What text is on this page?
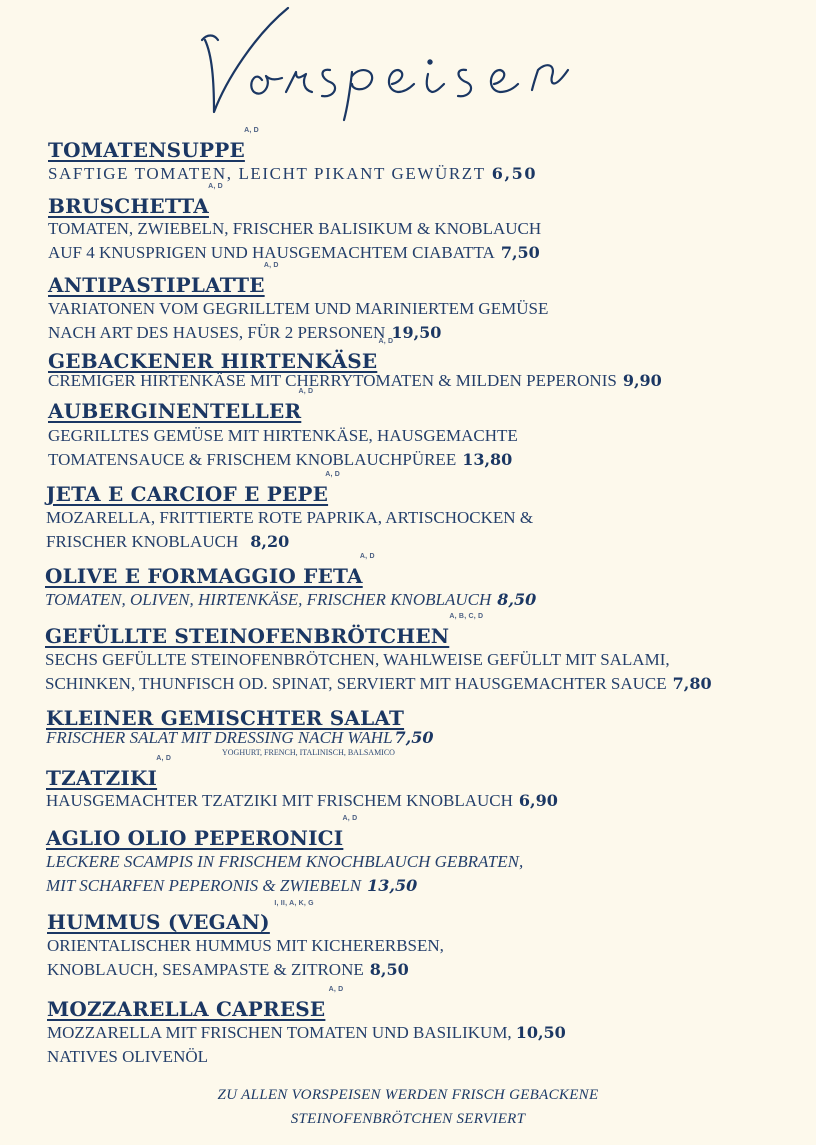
TOMATENSUPPE
A, D
SAFTIGE TOMATEN, LEICHT PIKANT GEWÜRZT 6,50
BRUSCHETTA
A, D
TOMATEN, ZWIEBELN, FRISCHER BALISIKUM & KNOBLAUCH
AUF 4 KNUSPRIGEN UND HAUSGEMACHTEM CIABATTA 7,50
ANTIPASTIPLATTE
A, D
VARIATONEN VOM GEGRILLTEM UND MARINIERTEM GEMÜSE
NACH ART DES HAUSES, FÜR 2 PERSONEN 19,50
GEBACKENER HIRTENKÄSE
A, D
CREMIGER HIRTENKÄSE MIT CHERRYTOMATEN & MILDEN PEPERONIS 9,90
AUBERGINENTELLER
A, D
GEGRILLTES GEMÜSE MIT HIRTENKÄSE, HAUSGEMACHTE
TOMATENSAUCE & FRISCHEM KNOBLAUCHPÜREE 13,80
JETA E CARCIOF E PEPE
A, D
MOZARELLA, FRITTIERTE ROTE PAPRIKA, ARTISCHOCKEN &
FRISCHER KNOBLAUCH 8,20
OLIVE E FORMAGGIO FETA
A, D
TOMATEN, OLIVEN, HIRTENKÄSE, FRISCHER KNOBLAUCH 8,50
GEFÜLLTE STEINOFENBRÖTCHEN
A, B, C, D
SECHS GEFÜLLTE STEINOFENBRÖTCHEN, WAHLWEISE GEFÜLLT MIT SALAMI,
SCHINKEN, THUNFISCH OD. SPINAT, SERVIERT MIT HAUSGEMACHTER SAUCE 7,80
KLEINER GEMISCHTER SALAT
FRISCHER SALAT MIT DRESSING NACH WAHL 7,50
YOGHURT, FRENCH, ITALINISCH, BALSAMICO
TZATZIKI
A, D
HAUSGEMACHTER TZATZIKI MIT FRISCHEM KNOBLAUCH 6,90
AGLIO OLIO PEPERONICI
A, D
LECKERE SCAMPIS IN FRISCHEM KNOCHBLAUCH GEBRATEN,
MIT SCHARFEN PEPERONIS & ZWIEBELN 13,50
HUMMUS (VEGAN)
I, II, A, K, G
ORIENTALISCHER HUMMUS MIT KICHERERBSEN,
KNOBLAUCH, SESAMPASTE & ZITRONE 8,50
MOZZARELLA CAPRESE
A, D
MOZZARELLA MIT FRISCHEN TOMATEN UND BASILIKUM, 10,50
NATIVES OLIVENÖL
ZU ALLEN VORSPEISEN WERDEN FRISCH GEBACKENE
STEINOFENBRÖTCHEN SERVIERT
